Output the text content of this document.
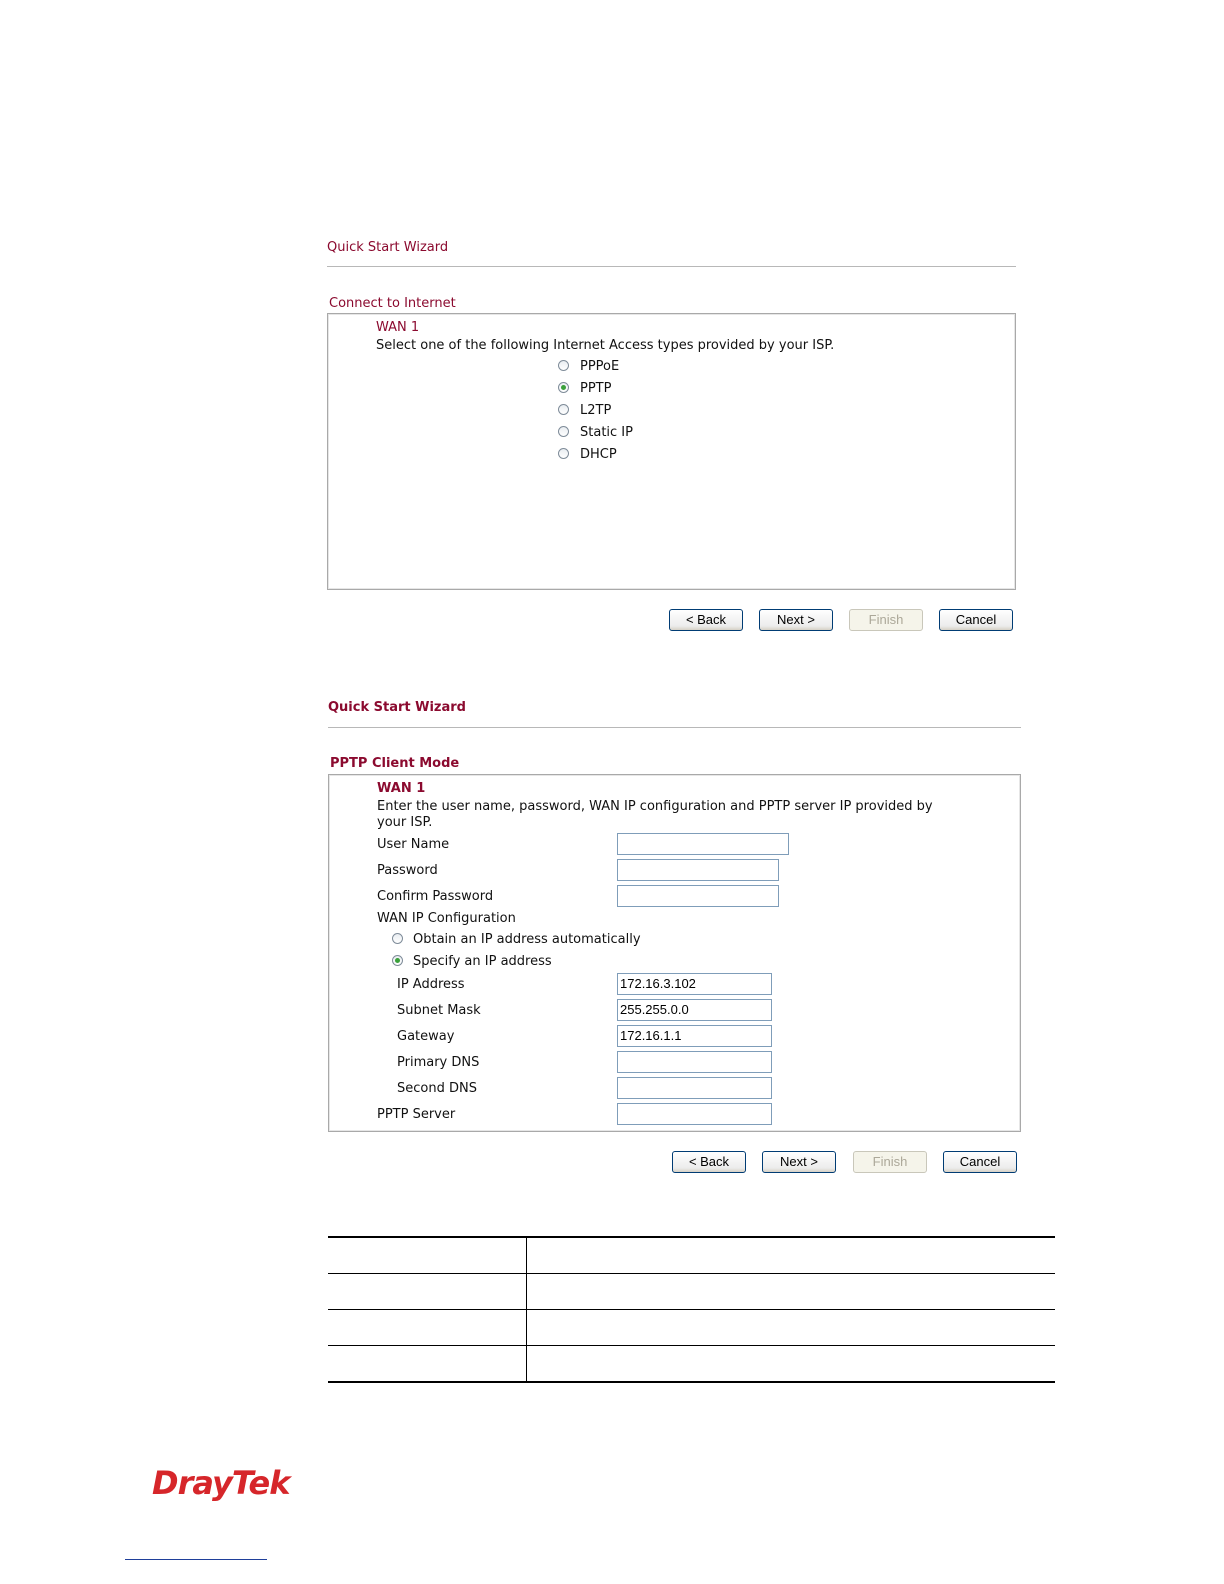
Quick Start Wizard
Connect to Internet
WAN 1
Select one of the following Internet Access types provided by your ISP.
PPPoE
PPTP
L2TP
Static IP
DHCP
< Back	Next >	Finish	Cancel
Quick Start Wizard
PPTP Client Mode
WAN 1
Enter the user name, password, WAN IP configuration and PPTP server IP provided by
your ISP.
User Name
Password
Confirm Password
WAN IP Configuration
Obtain an IP address automatically
Specify an IP address
IP Address	172.16.3.102
Subnet Mask	255.255.0.0
Gateway	172.16.1.1
Primary DNS
Second DNS
PPTP Server
< Back	Next >	Finish	Cancel
DrayTek
